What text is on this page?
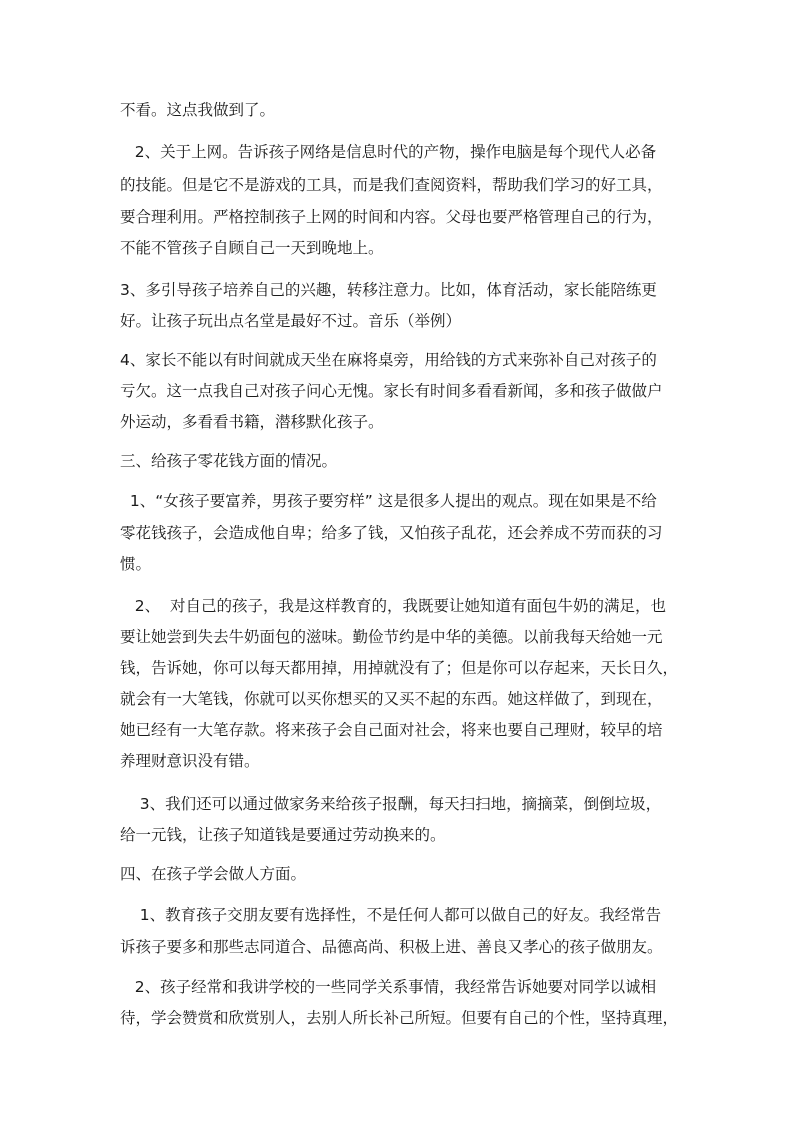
不看。这点我做到了。
2、关于上网。告诉孩子网络是信息时代的产物，操作电脑是每个现代人必备
的技能。但是它不是游戏的工具，而是我们查阅资料，帮助我们学习的好工具，
要合理利用。严格控制孩子上网的时间和内容。父母也要严格管理自己的行为，
不能不管孩子自顾自己一天到晚地上。
3、多引导孩子培养自己的兴趣，转移注意力。比如，体育活动，家长能陪练更
好。让孩子玩出点名堂是最好不过。音乐（举例）
4、家长不能以有时间就成天坐在麻将桌旁，用给钱的方式来弥补自己对孩子的
亏欠。这一点我自己对孩子问心无愧。家长有时间多看看新闻，多和孩子做做户
外运动，多看看书籍，潜移默化孩子。
三、给孩子零花钱方面的情况。
1、“女孩子要富养，男孩子要穷样” 这是很多人提出的观点。现在如果是不给
零花钱孩子，会造成他自卑；给多了钱，又怕孩子乱花，还会养成不劳而获的习
惯。
2、  对自己的孩子，我是这样教育的，我既要让她知道有面包牛奶的满足，也
要让她尝到失去牛奶面包的滋味。勤俭节约是中华的美德。以前我每天给她一元
钱，告诉她，你可以每天都用掉，用掉就没有了；但是你可以存起来，天长日久，
就会有一大笔钱，你就可以买你想买的又买不起的东西。她这样做了，到现在，
她已经有一大笔存款。将来孩子会自己面对社会，将来也要自己理财，较早的培
养理财意识没有错。
3、我们还可以通过做家务来给孩子报酬，每天扫扫地，摘摘菜，倒倒垃圾，
给一元钱，让孩子知道钱是要通过劳动换来的。
四、在孩子学会做人方面。
1、教育孩子交朋友要有选择性，不是任何人都可以做自己的好友。我经常告
诉孩子要多和那些志同道合、品德高尚、积极上进、善良又孝心的孩子做朋友。
2、孩子经常和我讲学校的一些同学关系事情，我经常告诉她要对同学以诚相
待，学会赞赏和欣赏别人，去别人所长补己所短。但要有自己的个性，坚持真理，
